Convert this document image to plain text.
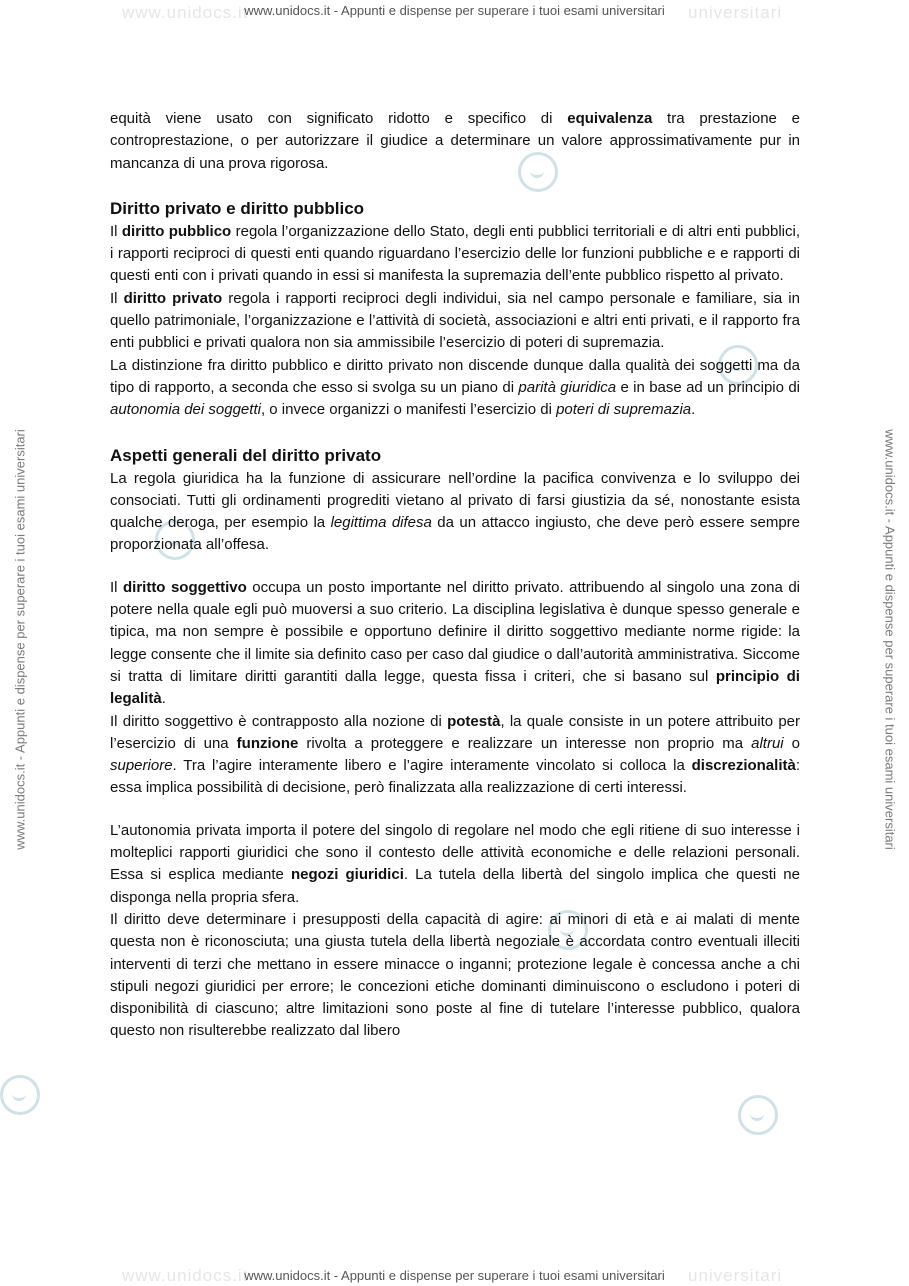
www.unidocs.it	universitari
www.unidocs.it - Appunti e dispense per superare i tuoi esami universitari
www.unidocs.it - Appunti e dispense per superare i tuoi esami universitari	www.unidocs.it - Appunti e dispense per superare i tuoi esami universitari

equità viene usato con significato ridotto e specifico di equivalenza tra prestazione e controprestazione, o per autorizzare il giudice a determinare un valore approssimativamente pur in mancanza di una prova rigorosa.

Diritto privato e diritto pubblico

Il diritto pubblico regola l’organizzazione dello Stato, degli enti pubblici territoriali e di altri enti pubblici, i rapporti reciproci di questi enti quando riguardano l’esercizio delle lor funzioni pubbliche e e rapporti di questi enti con i privati quando in essi si manifesta la supremazia dell’ente pubblico rispetto al privato.

Il diritto privato regola i rapporti reciproci degli individui, sia nel campo personale e familiare, sia in quello patrimoniale, l’organizzazione e l’attività di società, associazioni e altri enti privati, e il rapporto fra enti pubblici e privati qualora non sia ammissibile l’esercizio di poteri di supremazia.

La distinzione fra diritto pubblico e diritto privato non discende dunque dalla qualità dei soggetti ma da tipo di rapporto, a seconda che esso si svolga su un piano di parità giuridica e in base ad un principio di autonomia dei soggetti, o invece organizzi o manifesti l’esercizio di poteri di supremazia.

Aspetti generali del diritto privato

La regola giuridica ha la funzione di assicurare nell’ordine la pacifica convivenza e lo sviluppo dei consociati. Tutti gli ordinamenti progrediti vietano al privato di farsi giustizia da sé, nonostante esista qualche deroga, per esempio la legittima difesa da un attacco ingiusto, che deve però essere sempre proporzionata all’offesa.

Il diritto soggettivo occupa un posto importante nel diritto privato. attribuendo al singolo una zona di potere nella quale egli può muoversi a suo criterio. La disciplina legislativa è dunque spesso generale e tipica, ma non sempre è possibile e opportuno definire il diritto soggettivo mediante norme rigide: la legge consente che il limite sia definito caso per caso dal giudice o dall’autorità amministrativa. Siccome si tratta di limitare diritti garantiti dalla legge, questa fissa i criteri, che si basano sul principio di legalità.

Il diritto soggettivo è contrapposto alla nozione di potestà, la quale consiste in un potere attribuito per l’esercizio di una funzione rivolta a proteggere e realizzare un interesse non proprio ma altrui o superiore. Tra l’agire interamente libero e l’agire interamente vincolato si colloca la discrezionalità: essa implica possibilità di decisione, però finalizzata alla realizzazione di certi interessi.

L’autonomia privata importa il potere del singolo di regolare nel modo che egli ritiene di suo interesse i molteplici rapporti giuridici che sono il contesto delle attività economiche e delle relazioni personali. Essa si esplica mediante negozi giuridici. La tutela della libertà del singolo implica che questi ne disponga nella propria sfera.

Il diritto deve determinare i presupposti della capacità di agire: ai minori di età e ai malati di mente questa non è riconosciuta; una giusta tutela della libertà negoziale è accordata contro eventuali illeciti interventi di terzi che mettano in essere minacce o inganni; protezione legale è concessa anche a chi stipuli negozi giuridici per errore; le concezioni etiche dominanti diminuiscono o escludono i poteri di disponibilità di ciascuno; altre limitazioni sono poste al fine di tutelare l’interesse pubblico, qualora questo non risulterebbe realizzato dal libero

www.unidocs.it	universitari
www.unidocs.it - Appunti e dispense per superare i tuoi esami universitari
